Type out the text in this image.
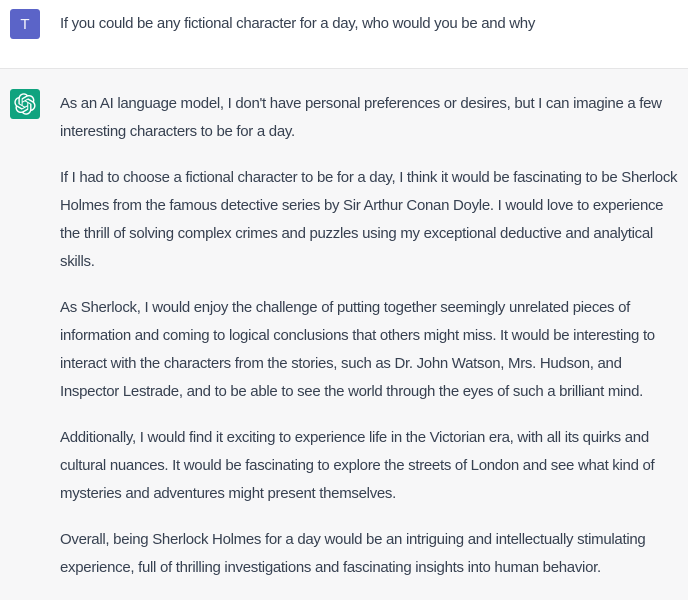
T	If you could be any fictional character for a day, who would you be and why

As an AI language model, I don't have personal preferences or desires, but I can imagine a few interesting characters to be for a day.

If I had to choose a fictional character to be for a day, I think it would be fascinating to be Sherlock Holmes from the famous detective series by Sir Arthur Conan Doyle. I would love to experience the thrill of solving complex crimes and puzzles using my exceptional deductive and analytical skills.

As Sherlock, I would enjoy the challenge of putting together seemingly unrelated pieces of information and coming to logical conclusions that others might miss. It would be interesting to interact with the characters from the stories, such as Dr. John Watson, Mrs. Hudson, and Inspector Lestrade, and to be able to see the world through the eyes of such a brilliant mind.

Additionally, I would find it exciting to experience life in the Victorian era, with all its quirks and cultural nuances. It would be fascinating to explore the streets of London and see what kind of mysteries and adventures might present themselves.

Overall, being Sherlock Holmes for a day would be an intriguing and intellectually stimulating experience, full of thrilling investigations and fascinating insights into human behavior.
